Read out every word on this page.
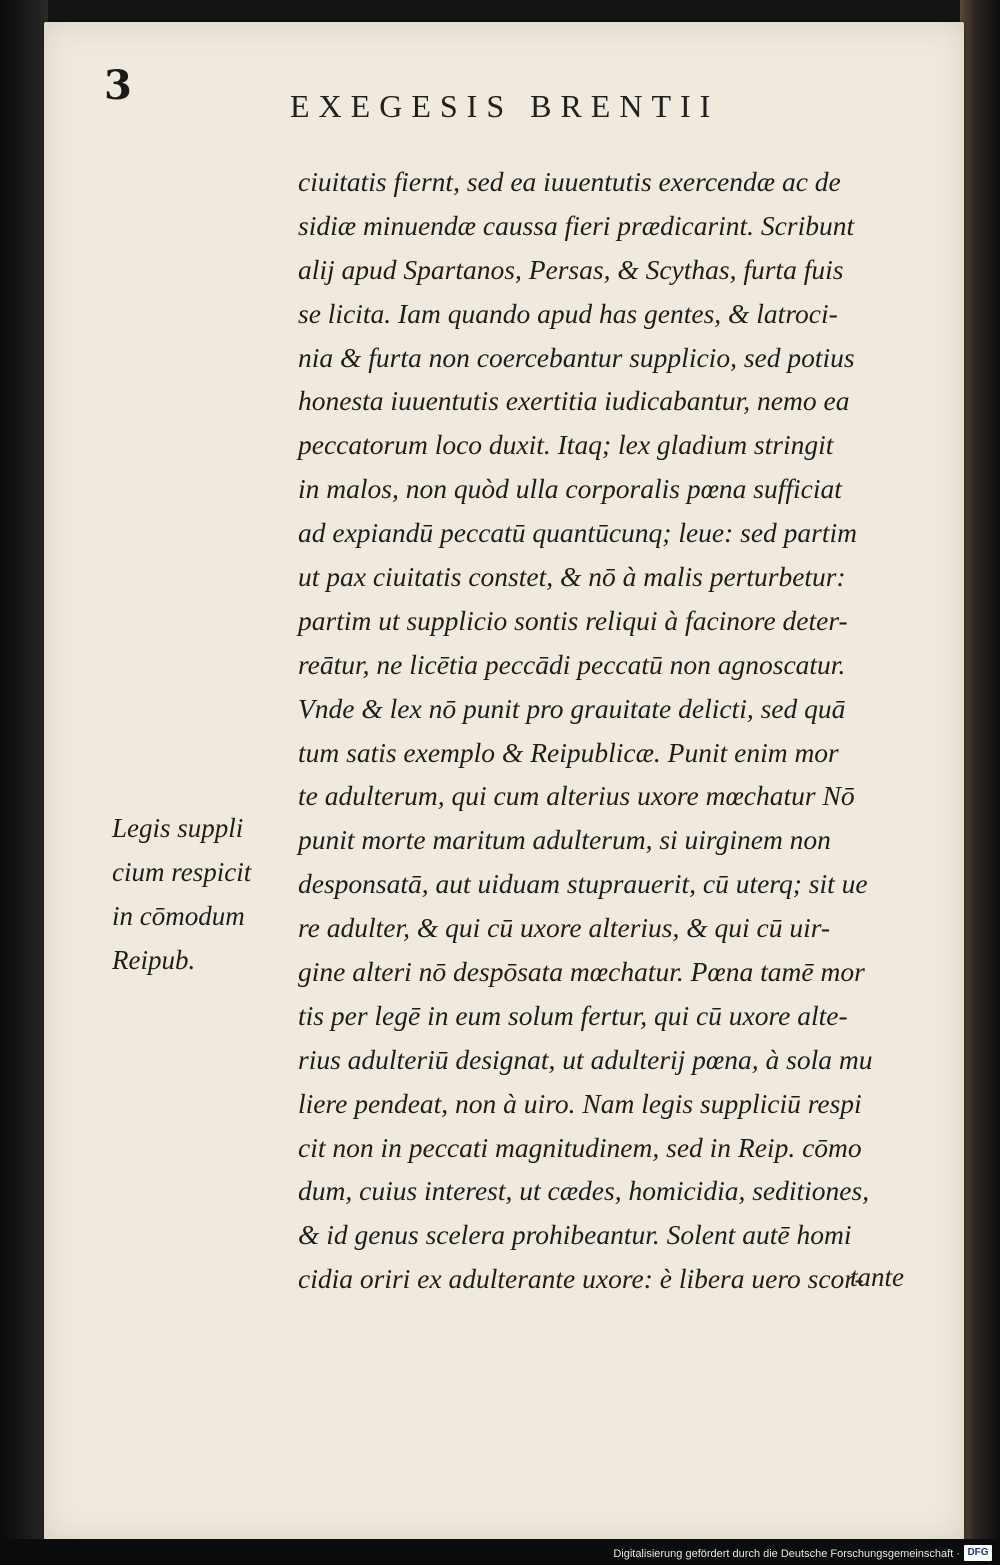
3	EXEGESIS BRENTII
ciuitatis fiernt, sed ea iuuentutis exercendæ ac de
sidiæ minuendæ caussa fieri prædicarint. Scribunt
alij apud Spartanos, Persas, & Scythas, furta fuis
se licita. Iam quando apud has gentes, & latroci-
nia & furta non coercebantur supplicio, sed potius
honesta iuuentutis exertitia iudicabantur, nemo ea
peccatorum loco duxit. Itaq; lex gladium stringit
in malos, non quòd ulla corporalis pœna sufficiat
ad expiandū peccatū quantūcunq; leue: sed partim
ut pax ciuitatis constet, & nō à malis perturbetur:
partim ut supplicio sontis reliqui à facinore deter-
reātur, ne licētia peccādi peccatū non agnoscatur.
Vnde & lex nō punit pro grauitate delicti, sed quā
tum satis exemplo & Reipublicæ. Punit enim mor
te adulterum, qui cum alterius uxore mœchatur Nō
punit morte maritum adulterum, si uirginem non
desponsatā, aut uiduam stuprauerit, cū uterq; sit ue
re adulter, & qui cū uxore alterius, & qui cū uir-
gine alteri nō despōsata mœchatur. Pœna tamē mor
tis per legē in eum solum fertur, qui cū uxore alte-
rius adulteriū designat, ut adulterij pœna, à sola mu
liere pendeat, non à uiro. Nam legis suppliciū respi
cit non in peccati magnitudinem, sed in Reip. cōmo
dum, cuius interest, ut cædes, homicidia, seditiones,
& id genus scelera prohibeantur. Solent autē homi
cidia oriri ex adulterante uxore: è libera uero scor-
tante
Legis suppli
cium respicit
in cōmodum
Reipub.
Digitalisierung gefördert durch die Deutsche Forschungsgemeinschaft · DFG
